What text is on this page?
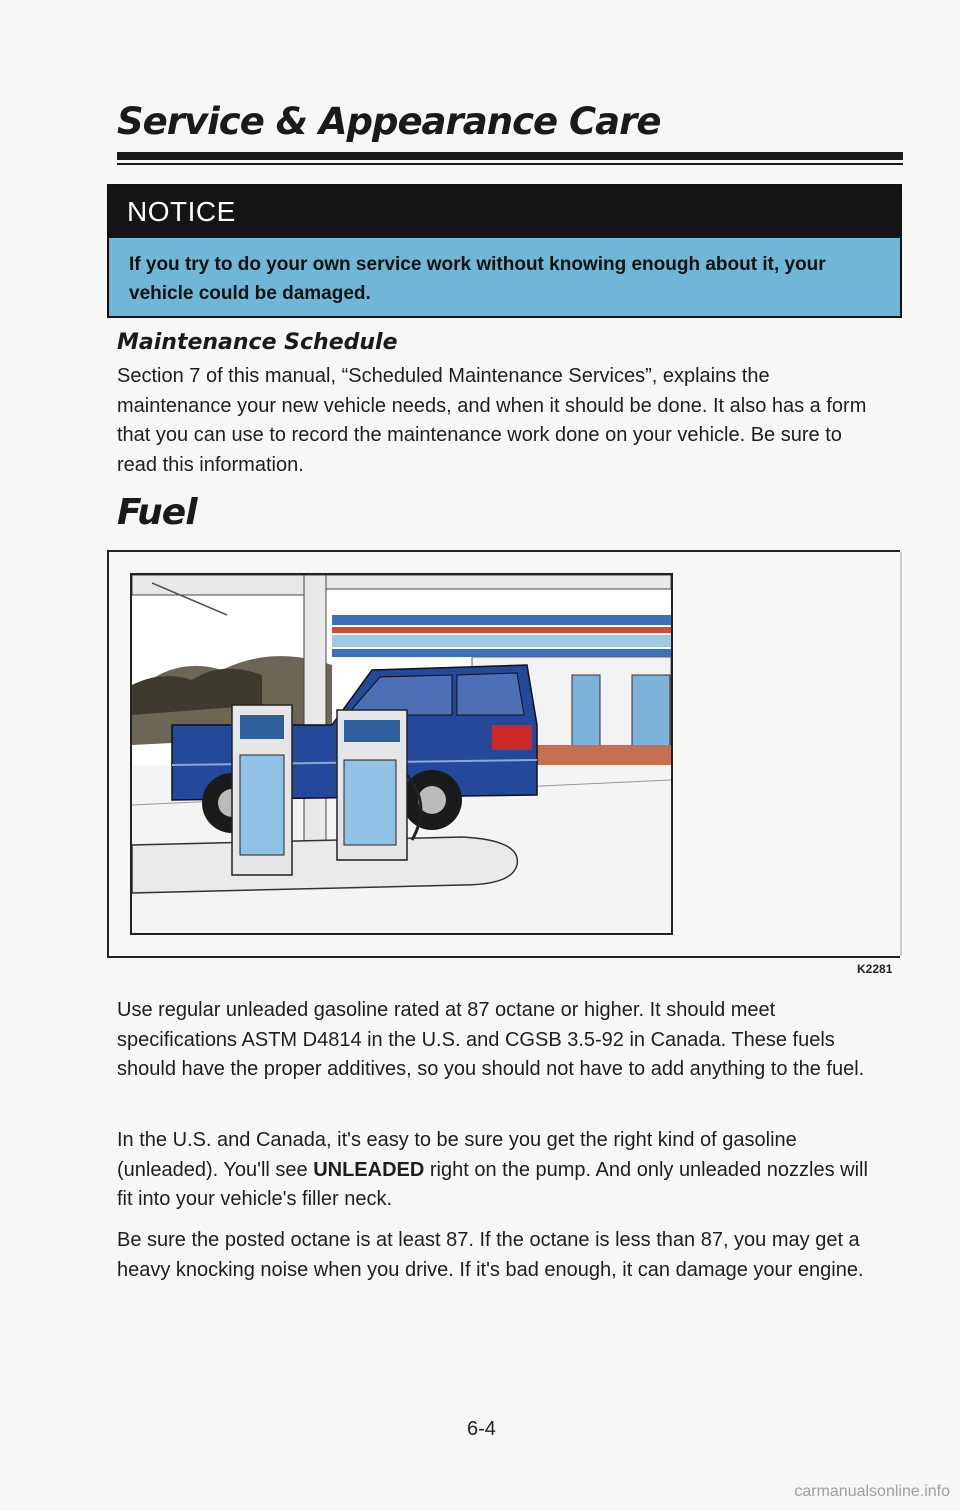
Service & Appearance Care
NOTICE
If you try to do your own service work without knowing enough about it, your vehicle could be damaged.
Maintenance Schedule

Section 7 of this manual, “Scheduled Maintenance Services”, explains the maintenance your new vehicle needs, and when it should be done. It also has a form that you can use to record the maintenance work done on your vehicle. Be sure to read this information.

Fuel
K2281

Use regular unleaded gasoline rated at 87 octane or higher. It should meet specifications ASTM D4814 in the U.S. and CGSB 3.5-92 in Canada. These fuels should have the proper additives, so you should not have to add anything to the fuel.

In the U.S. and Canada, it's easy to be sure you get the right kind of gasoline (unleaded). You'll see UNLEADED right on the pump. And only unleaded nozzles will fit into your vehicle's filler neck.

Be sure the posted octane is at least 87. If the octane is less than 87, you may get a heavy knocking noise when you drive. If it's bad enough, it can damage your engine.

6-4
carmanualsonline.info
